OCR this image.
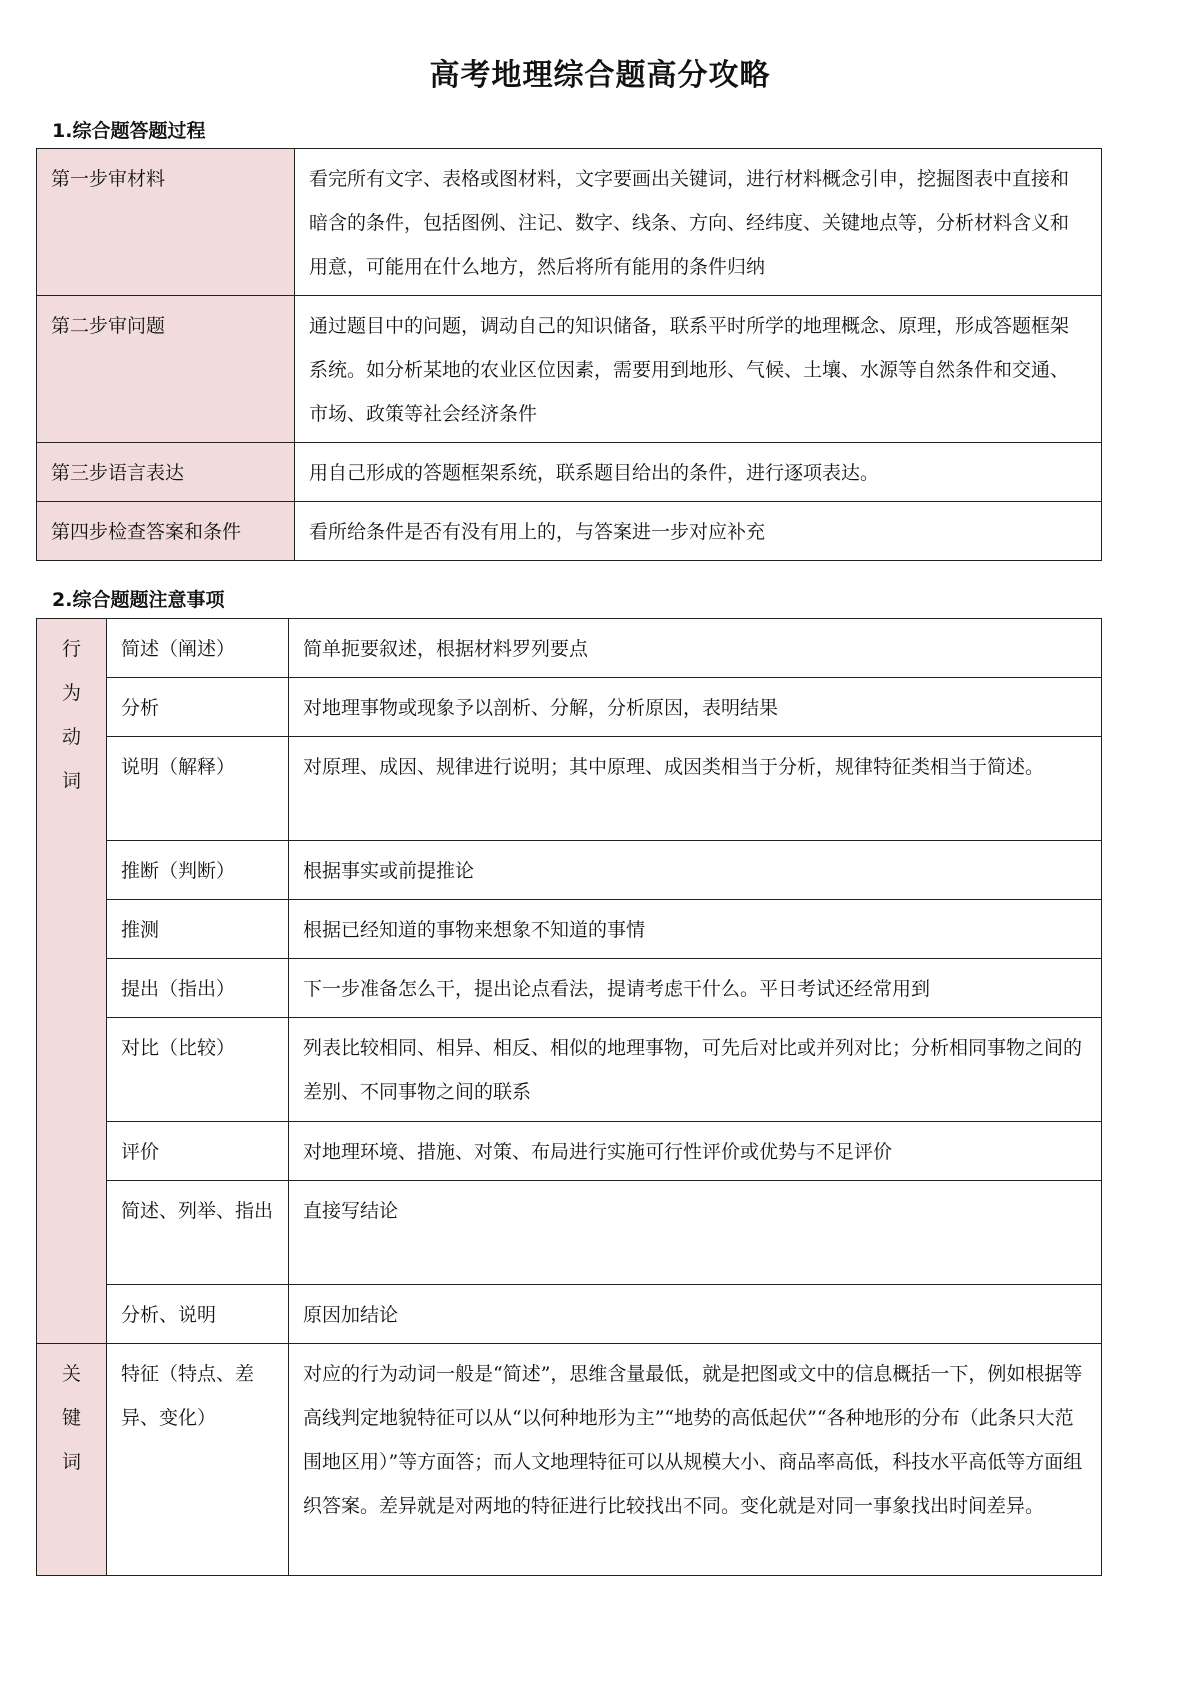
高考地理综合题高分攻略
1.综合题答题过程
第一步审材料	看完所有文字、表格或图材料，文字要画出关键词，进行材料概念引申，挖掘图表中直接和暗含的条件，包括图例、注记、数字、线条、方向、经纬度、关键地点等，分析材料含义和用意，可能用在什么地方，然后将所有能用的条件归纳
第二步审问题	通过题目中的问题，调动自己的知识储备，联系平时所学的地理概念、原理，形成答题框架系统。如分析某地的农业区位因素，需要用到地形、气候、土壤、水源等自然条件和交通、市场、政策等社会经济条件
第三步语言表达	用自己形成的答题框架系统，联系题目给出的条件，进行逐项表达。
第四步检查答案和条件	看所给条件是否有没有用上的，与答案进一步对应补充
2.综合题题注意事项
行
为
动
词	简述（阐述）	简单扼要叙述，根据材料罗列要点
	分析	对地理事物或现象予以剖析、分解，分析原因，表明结果
	说明（解释）	对原理、成因、规律进行说明；其中原理、成因类相当于分析，规律特征类相当于简述。
	推断（判断）	根据事实或前提推论
	推测	根据已经知道的事物来想象不知道的事情
	提出（指出）	下一步准备怎么干，提出论点看法，提请考虑干什么。平日考试还经常用到
	对比（比较）	列表比较相同、相异、相反、相似的地理事物，可先后对比或并列对比；分析相同事物之间的差别、不同事物之间的联系
	评价	对地理环境、措施、对策、布局进行实施可行性评价或优势与不足评价
	简述、列举、指出	直接写结论
	分析、说明	原因加结论

关
键
词	特征（特点、差异、变化）	对应的行为动词一般是“简述”，思维含量最低，就是把图或文中的信息概括一下，例如根据等高线判定地貌特征可以从“以何种地形为主”“地势的高低起伏”“各种地形的分布（此条只大范围地区用）”等方面答；而人文地理特征可以从规模大小、商品率高低，科技水平高低等方面组织答案。差异就是对两地的特征进行比较找出不同。变化就是对同一事象找出时间差异。
